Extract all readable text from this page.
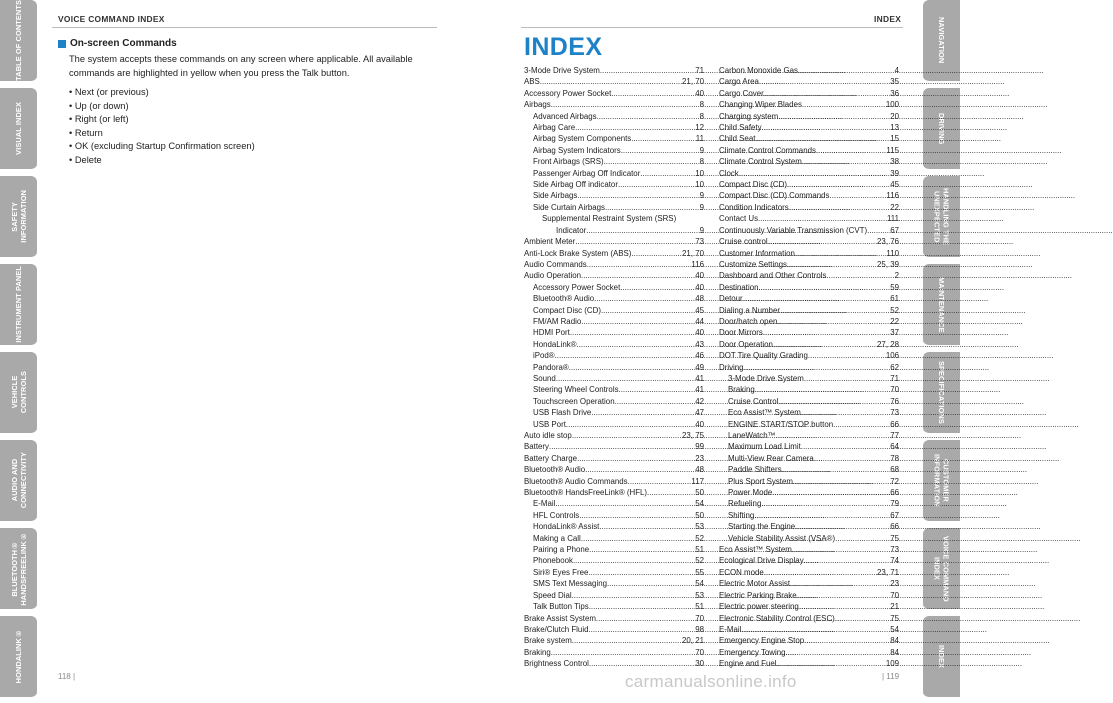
TABLE OF CONTENTS
VISUAL INDEX
SAFETY
INFORMATION
INSTRUMENT PANEL
VEHICLE
CONTROLS
AUDIO AND
CONNECTIVITY
BLUETOOTH®
HANDSFREELINK®
HONDALINK®
NAVIGATION
DRIVING
HANDLING THE
UNEXPECTED
MAINTENANCE
SPECIFICATIONS
CUSTOMER
INFORMATION
VOICE COMMAND
INDEX
INDEX
VOICE COMMAND INDEX	INDEX
On-screen Commands

The system accepts these commands on any screen where applicable. All available commands are highlighted in yellow when you press the Talk button.

• Next (or previous)
• Up (or down)
• Right (or left)
• Return
• OK (excluding Startup Confirmation screen)
• Delete
INDEX
3-Mode Drive System .....	71
ABS .....	21, 70
Accessory Power Socket .....	40
Airbags .....	8
Advanced Airbags .....	8
Airbag Care .....	12
Airbag System Components .....	11
Airbag System Indicators .....	9
Front Airbags (SRS) .....	8
Passenger Airbag Off Indicator .....	10
Side Airbag Off indicator .....	10
Side Airbags .....	9
Side Curtain Airbags .....	9
Supplemental Restraint System (SRS)
Indicator .....	9
Ambient Meter .....	73
Anti-Lock Brake System (ABS) .....	21, 70
Audio Commands .....	116
Audio Operation .....	40
Accessory Power Socket .....	40
Bluetooth® Audio .....	48
Compact Disc (CD) .....	45
FM/AM Radio .....	44
HDMI Port .....	40
HondaLink® .....	43
iPod® .....	46
Pandora® .....	49
Sound .....	41
Steering Wheel Controls .....	41
Touchscreen Operation .....	42
USB Flash Drive .....	47
USB Port .....	40
Auto idle stop .....	23, 75
Battery .....	99
Battery Charge .....	23
Bluetooth® Audio .....	48
Bluetooth® Audio Commands .....	117
Bluetooth® HandsFreeLink® (HFL) .....	50
E-Mail .....	54
HFL Controls .....	50
HondaLink® Assist .....	53
Making a Call .....	52
Pairing a Phone .....	51
Phonebook .....	52
Siri® Eyes Free .....	55
SMS Text Messaging .....	54
Speed Dial .....	53
Talk Button Tips .....	51
Brake Assist System .....	70
Brake/Clutch Fluid .....	98
Brake system .....	20, 21
Braking .....	70
Brightness Control .....	30
Carbon Monoxide Gas .....	4
Cargo Area .....	35
Cargo Cover .....	36
Changing Wiper Blades .....	100
Charging system .....	20
Child Safety .....	13
Child Seat .....	15
Climate Control Commands .....	115
Climate Control System .....	38
Clock .....	39
Compact Disc (CD) .....	45
Compact Disc (CD) Commands .....	116
Condition Indicators .....	22
Contact Us .....	111
Continuously Variable Transmission (CVT) .....	67
Cruise control .....	23, 76
Customer Information .....	110
Customize Settings .....	25, 39
Dashboard and Other Controls .....	2
Destination .....	59
Detour .....	61
Dialing a Number .....	52
Door/hatch open .....	22
Door Mirrors .....	37
Door Operation .....	27, 28
DOT Tire Quality Grading .....	106
Driving .....	62
3-Mode Drive System .....	71
Braking .....	70
Cruise Control .....	76
Eco Assist™ System .....	73
ENGINE START/STOP button .....	66
LaneWatch™ .....	77
Maximum Load Limit .....	64
Multi-View Rear Camera .....	78
Paddle Shifters .....	68
Plus Sport System .....	72
Power Mode .....	66
Refueling .....	79
Shifting .....	67
Starting the Engine .....	66
Vehicle Stability Assist (VSA®) .....	75
Eco Assist™ System .....	73
Ecological Drive Display .....	74
ECON mode .....	23, 71
Electric Motor Assist .....	23
Electric Parking Brake .....	70
Electric power steering .....	21
Electronic Stability Control (ESC) .....	75
E-Mail .....	54
Emergency Engine Stop .....	84
Emergency Towing .....	84
Engine and Fuel .....	109
118 |	| 119
carmanualsonline.info
